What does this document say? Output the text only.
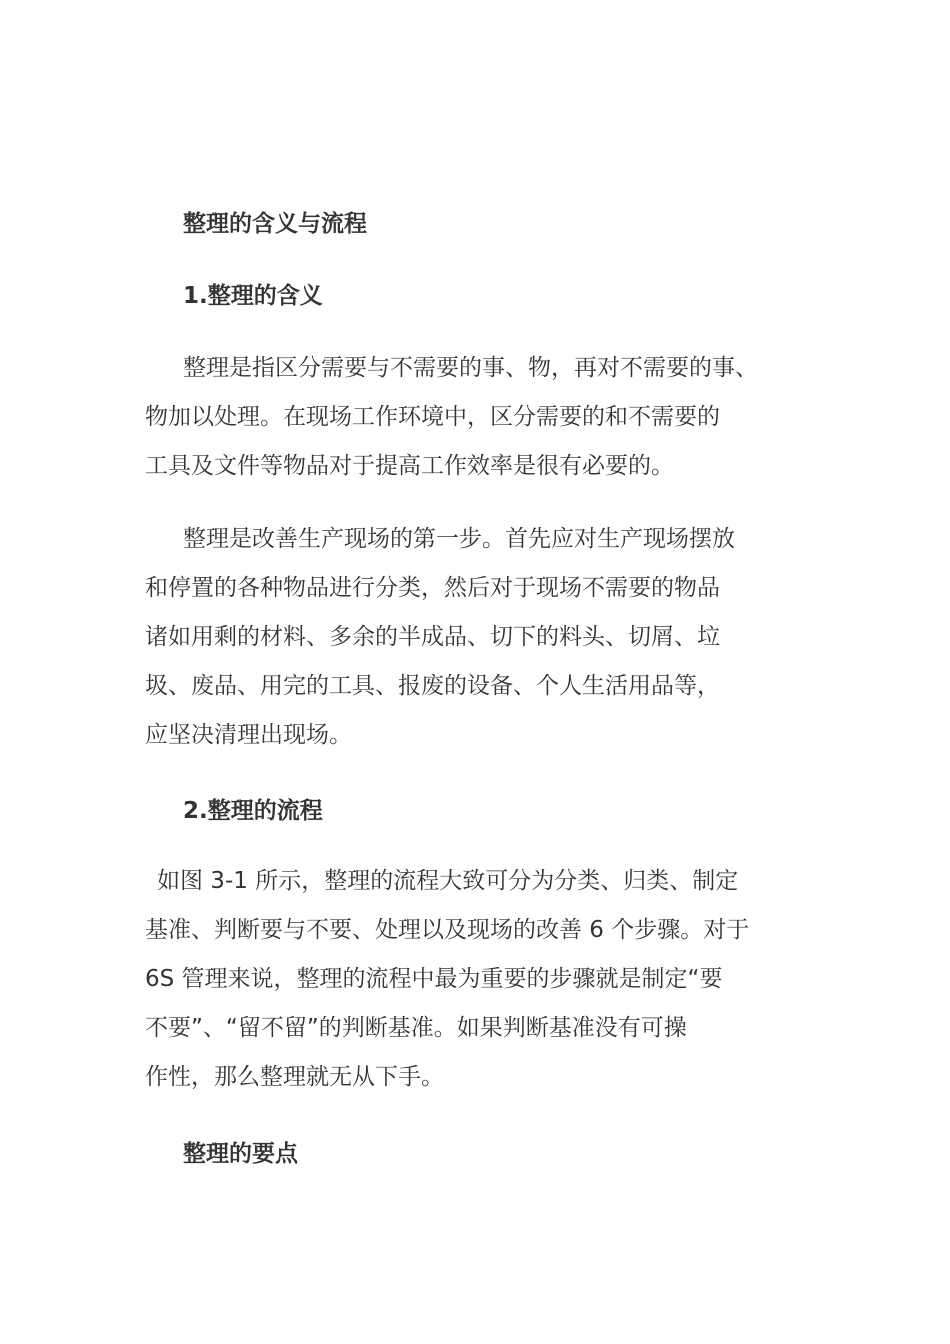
整理的含义与流程
1.整理的含义
整理是指区分需要与不需要的事、物，再对不需要的事、
物加以处理。在现场工作环境中，区分需要的和不需要的
工具及文件等物品对于提高工作效率是很有必要的。
整理是改善生产现场的第一步。首先应对生产现场摆放
和停置的各种物品进行分类，然后对于现场不需要的物品
诸如用剩的材料、多余的半成品、切下的料头、切屑、垃
圾、废品、用完的工具、报废的设备、个人生活用品等，
应坚决清理出现场。
2.整理的流程
如图 3-1 所示，整理的流程大致可分为分类、归类、制定
基准、判断要与不要、处理以及现场的改善 6 个步骤。对于
6S 管理来说，整理的流程中最为重要的步骤就是制定“要
不要”、“留不留”的判断基准。如果判断基准没有可操
作性，那么整理就无从下手。
整理的要点
